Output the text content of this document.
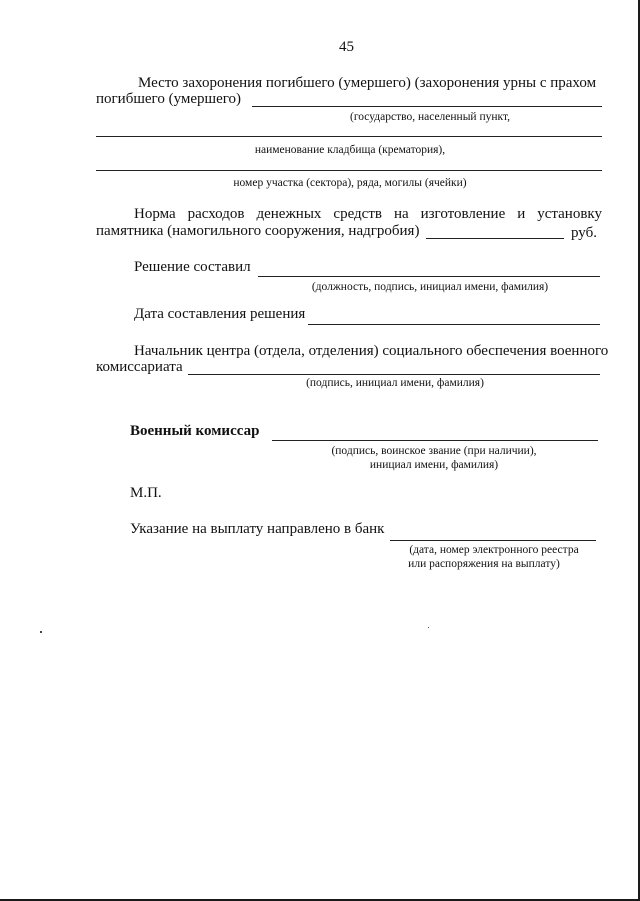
45
Место захоронения погибшего (умершего) (захоронения урны с прахом
погибшего (умершего)
(государство, населенный пункт,
наименование кладбища (крематория),
номер участка (сектора), ряда, могилы (ячейки)
Норма расходов денежных средств на изготовление и установку
памятника (намогильного сооружения, надгробия)	руб.
Решение составил
(должность, подпись, инициал имени, фамилия)
Дата составления решения
Начальник центра (отдела, отделения) социального обеспечения военного
комиссариата
(подпись, инициал имени, фамилия)
Военный комиссар
(подпись, воинское звание (при наличии),
инициал имени, фамилия)
М.П.
Указание на выплату направлено в банк
(дата, номер электронного реестра
или распоряжения на выплату)
